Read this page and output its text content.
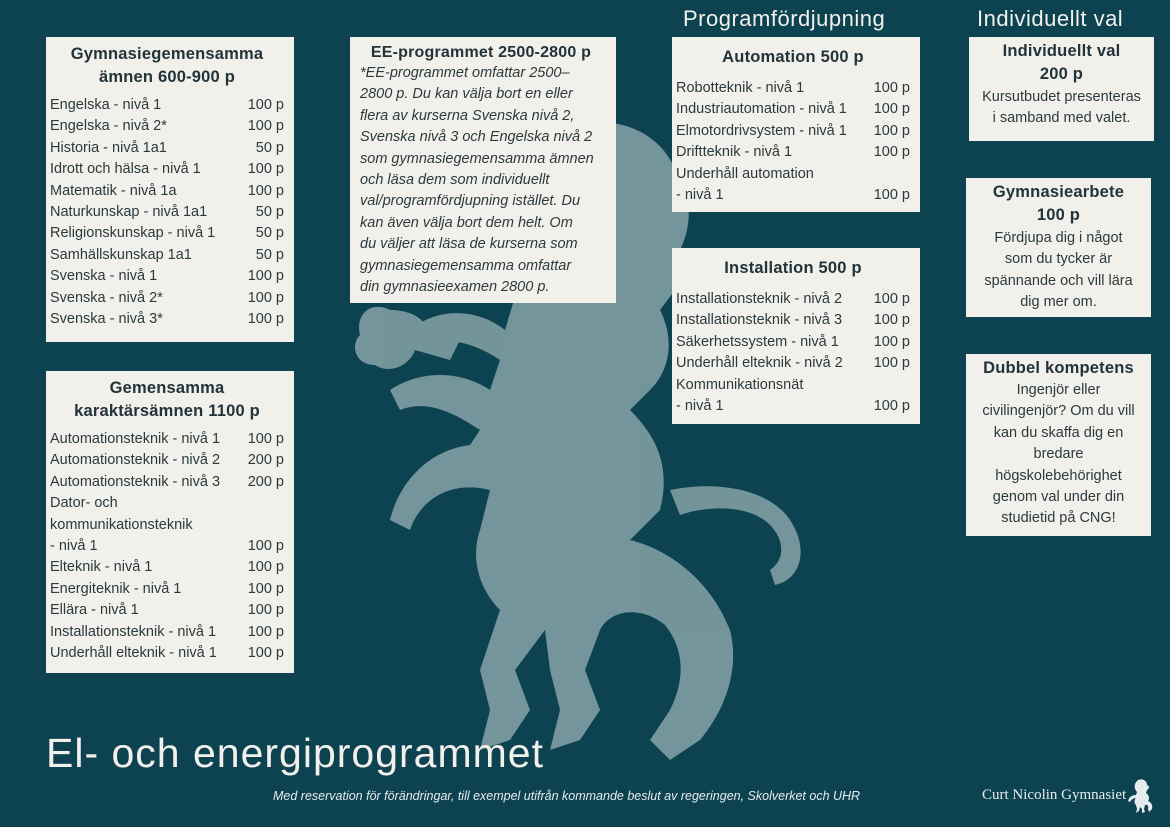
Programfördjupning	Individuellt val
Gymnasiegemensamma ämnen 600-900 p
Engelska - nivå 1	100 p
Engelska - nivå 2*	100 p
Historia - nivå 1a1	50 p
Idrott och hälsa - nivå 1	100 p
Matematik - nivå 1a	100 p
Naturkunskap - nivå 1a1	50 p
Religionskunskap - nivå 1	50 p
Samhällskunskap 1a1	50 p
Svenska - nivå 1	100 p
Svenska - nivå 2*	100 p
Svenska - nivå 3*	100 p
Gemensamma karaktärsämnen 1100 p
Automationsteknik - nivå 1 100 p
Automationsteknik - nivå 2 200 p
Automationsteknik - nivå 3 200 p
Dator- och
kommunikationsteknik
- nivå 1	100 p
Elteknik - nivå 1	100 p
Energiteknik - nivå 1	100 p
Ellära - nivå 1	100 p
Installationsteknik - nivå 1 100 p
Underhåll elteknik - nivå 1 100 p
EE-programmet 2500-2800 p
*EE-programmet omfattar 2500–
2800 p. Du kan välja bort en eller
flera av kurserna Svenska nivå 2,
Svenska nivå 3 och Engelska nivå 2
som gymnasiegemensamma ämnen
och läsa dem som individuellt
val/programfördjupning istället. Du
kan även välja bort dem helt. Om
du väljer att läsa de kurserna som
gymnasiegemensamma omfattar
din gymnasieexamen 2800 p.
Automation 500 p
Robotteknik - nivå 1	100 p
Industriautomation - nivå 1 100 p
Elmotordrivsystem - nivå 1 100 p
Driftteknik - nivå 1	100 p
Underhåll automation
- nivå 1	100 p
Installation 500 p
Installationsteknik - nivå 2 100 p
Installationsteknik - nivå 3 100 p
Säkerhetssystem - nivå 1 100 p
Underhåll elteknik - nivå 2 100 p
Kommunikationsnät
- nivå 1	100 p
Individuellt val
200 p
Kursutbudet presenteras
i samband med valet.
Gymnasiearbete
100 p
Fördjupa dig i något
som du tycker är
spännande och vill lära
dig mer om.
Dubbel kompetens
Ingenjör eller
civilingenjör? Om du vill
kan du skaffa dig en
bredare
högskolebehörighet
genom val under din
studietid på CNG!
El- och energiprogrammet
Med reservation för förändringar, till exempel utifrån kommande beslut av regeringen, Skolverket och UHR	Curt Nicolin Gymnasiet
